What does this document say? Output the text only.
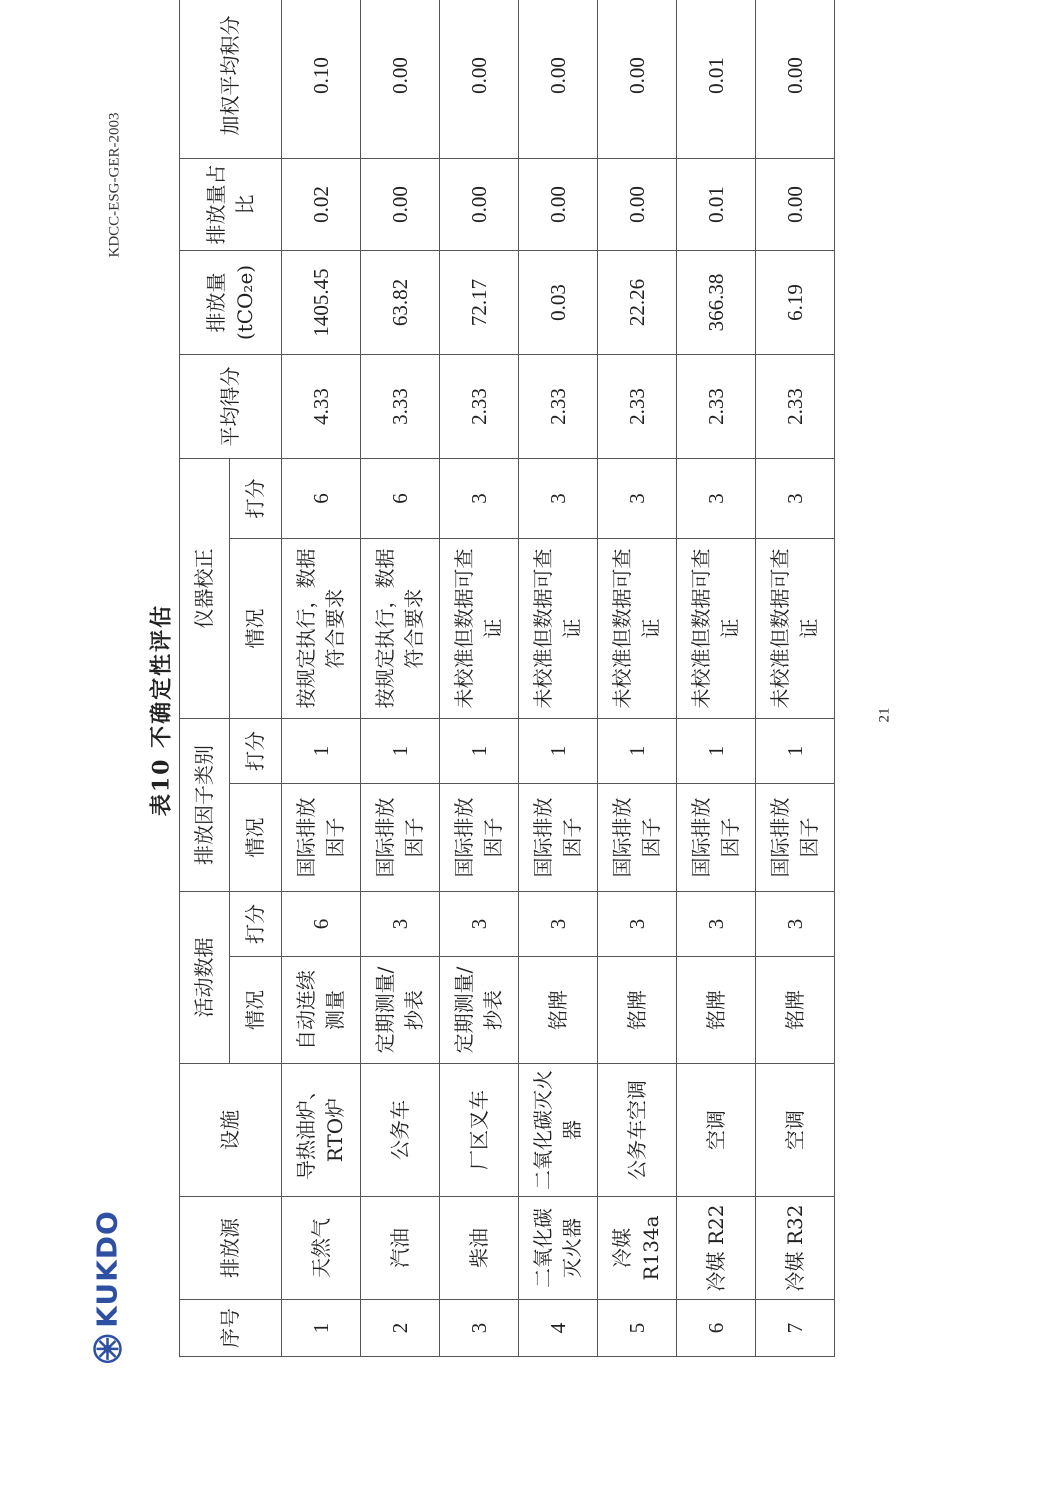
KUKDO
KDCC-ESG-GER-2003
表10 不确定性评估	21
序号	排放源	设施	活动数据		排放因子类别		仪器校正		平均得分	排放量(tCO₂e)	排放量占比	加权平均积分
			情况	打分	情况	打分	情况	打分				
1	天然气	导热油炉、RTO炉	自动连续测量	6	国际排放因子	1	按规定执行，数据符合要求	6	4.33	1405.45	0.02	0.10
2	汽油	公务车	定期测量/抄表	3	国际排放因子	1	按规定执行，数据符合要求	6	3.33	63.82	0.00	0.00
3	柴油	厂区叉车	定期测量/抄表	3	国际排放因子	1	未校准但数据可查证	3	2.33	72.17	0.00	0.00
4	二氧化碳灭火器	二氧化碳灭火器	铭牌	3	国际排放因子	1	未校准但数据可查证	3	2.33	0.03	0.00	0.00
5	冷媒R134a	公务车空调	铭牌	3	国际排放因子	1	未校准但数据可查证	3	2.33	22.26	0.00	0.00
6	冷媒 R22	空调	铭牌	3	国际排放因子	1	未校准但数据可查证	3	2.33	366.38	0.01	0.01
7	冷媒 R32	空调	铭牌	3	国际排放因子	1	未校准但数据可查证	3	2.33	6.19	0.00	0.00
